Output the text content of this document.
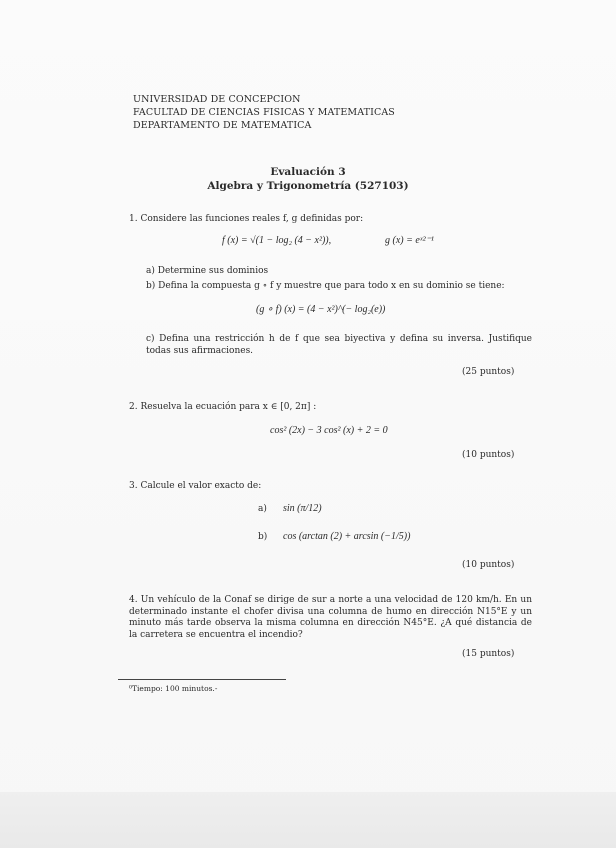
UNIVERSIDAD DE CONCEPCION
FACULTAD DE CIENCIAS FISICAS Y MATEMATICAS
DEPARTAMENTO DE MATEMATICA
Evaluación 3
Algebra y Trigonometría (527103)
1. Considere las funciones reales f, g definidas por:
f (x) = √(1 − log₂ (4 − x²)),	g (x) = eˣ²⁻¹
a) Determine sus dominios
b) Defina la compuesta g ∘ f y muestre que para todo x en su dominio se tiene:
(g ∘ f) (x) = (4 − x²)^(− log₂(e))
c) Defina una restricción h de f que sea biyectiva y defina su inversa. Justifique todas sus afirmaciones.
(25 puntos)
2. Resuelva la ecuación para x ∈ [0, 2π] :
cos² (2x) − 3 cos² (x) + 2 = 0
(10 puntos)
3. Calcule el valor exacto de:
a) sin (π/12)
b) cos (arctan (2) + arcsin (−1/5))
(10 puntos)
4. Un vehículo de la Conaf se dirige de sur a norte a una velocidad de 120 km/h. En un determinado instante el chofer divisa una columna de humo en dirección N15°E y un minuto más tarde observa la misma columna en dirección N45°E. ¿A qué distancia de la carretera se encuentra el incendio?
(15 puntos)
⁰Tiempo: 100 minutos.-
